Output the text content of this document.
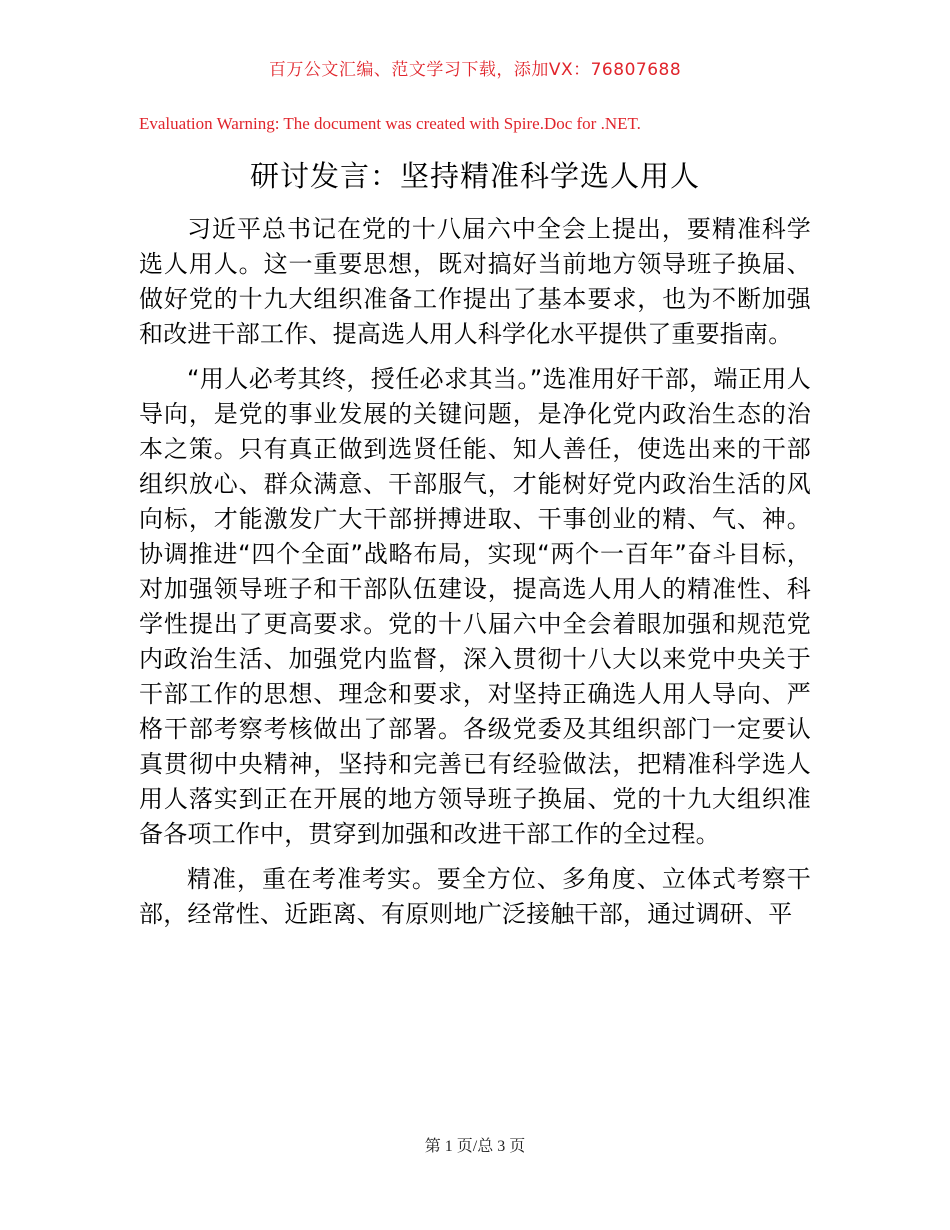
百万公文汇编、范文学习下载，添加VX：76807688
Evaluation Warning: The document was created with Spire.Doc for .NET.
研讨发言：坚持精准科学选人用人

习近平总书记在党的十八届六中全会上提出，要精准科学选人用人。这一重要思想，既对搞好当前地方领导班子换届、做好党的十九大组织准备工作提出了基本要求，也为不断加强和改进干部工作、提高选人用人科学化水平提供了重要指南。

“用人必考其终，授任必求其当。”选准用好干部，端正用人导向，是党的事业发展的关键问题，是净化党内政治生态的治本之策。只有真正做到选贤任能、知人善任，使选出来的干部组织放心、群众满意、干部服气，才能树好党内政治生活的风向标，才能激发广大干部拼搏进取、干事创业的精、气、神。协调推进“四个全面”战略布局，实现“两个一百年”奋斗目标，对加强领导班子和干部队伍建设，提高选人用人的精准性、科学性提出了更高要求。党的十八届六中全会着眼加强和规范党内政治生活、加强党内监督，深入贯彻十八大以来党中央关于干部工作的思想、理念和要求，对坚持正确选人用人导向、严格干部考察考核做出了部署。各级党委及其组织部门一定要认真贯彻中央精神，坚持和完善已有经验做法，把精准科学选人用人落实到正在开展的地方领导班子换届、党的十九大组织准备各项工作中，贯穿到加强和改进干部工作的全过程。

精准，重在考准考实。要全方位、多角度、立体式考察干部，经常性、近距离、有原则地广泛接触干部，通过调研、平

第 1 页/总 3 页
